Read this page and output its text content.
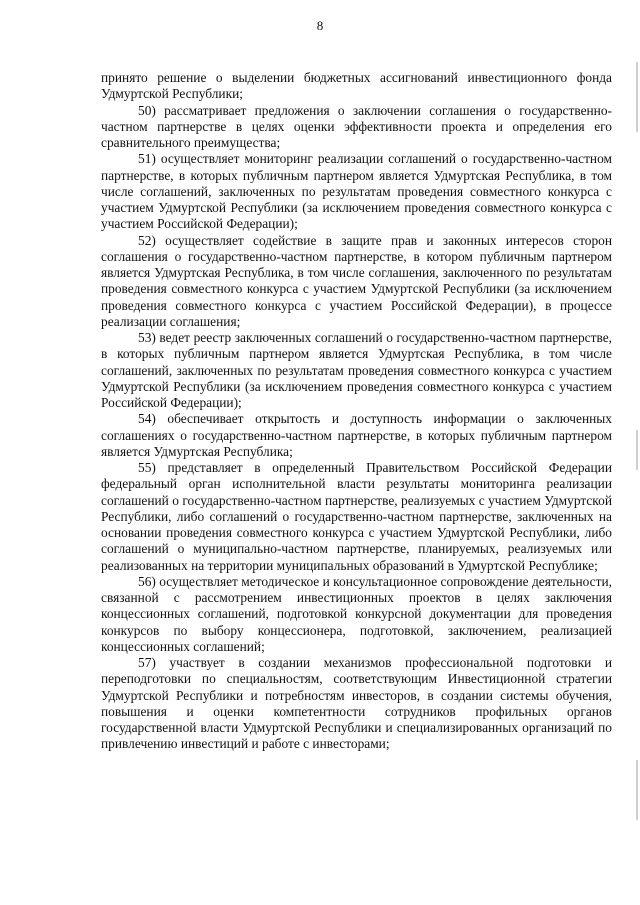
8

принято решение о выделении бюджетных ассигнований инвестиционного фонда Удмуртской Республики;

50) рассматривает предложения о заключении соглашения о государственно-частном партнерстве в целях оценки эффективности проекта и определения его сравнительного преимущества;

51) осуществляет мониторинг реализации соглашений о государственно-частном партнерстве, в которых публичным партнером является Удмуртская Республика, в том числе соглашений, заключенных по результатам проведения совместного конкурса с участием Удмуртской Республики (за исключением проведения совместного конкурса с участием Российской Федерации);

52) осуществляет содействие в защите прав и законных интересов сторон соглашения о государственно-частном партнерстве, в котором публичным партнером является Удмуртская Республика, в том числе соглашения, заключенного по результатам проведения совместного конкурса с участием Удмуртской Республики (за исключением проведения совместного конкурса с участием Российской Федерации), в процессе реализации соглашения;

53) ведет реестр заключенных соглашений о государственно-частном партнерстве, в которых публичным партнером является Удмуртская Республика, в том числе соглашений, заключенных по результатам проведения совместного конкурса с участием Удмуртской Республики (за исключением проведения совместного конкурса с участием Российской Федерации);

54) обеспечивает открытость и доступность информации о заключенных соглашениях о государственно-частном партнерстве, в которых публичным партнером является Удмуртская Республика;

55) представляет в определенный Правительством Российской Федерации федеральный орган исполнительной власти результаты мониторинга реализации соглашений о государственно-частном партнерстве, реализуемых с участием Удмуртской Республики, либо соглашений о государственно-частном партнерстве, заключенных на основании проведения совместного конкурса с участием Удмуртской Республики, либо соглашений о муниципально-частном партнерстве, планируемых, реализуемых или реализованных на территории муниципальных образований в Удмуртской Республике;

56) осуществляет методическое и консультационное сопровождение деятельности, связанной с рассмотрением инвестиционных проектов в целях заключения концессионных соглашений, подготовкой конкурсной документации для проведения конкурсов по выбору концессионера, подготовкой, заключением, реализацией концессионных соглашений;

57) участвует в создании механизмов профессиональной подготовки и переподготовки по специальностям, соответствующим Инвестиционной стратегии Удмуртской Республики и потребностям инвесторов, в создании системы обучения, повышения и оценки компетентности сотрудников профильных органов государственной власти Удмуртской Республики и специализированных организаций по привлечению инвестиций и работе с инвесторами;
